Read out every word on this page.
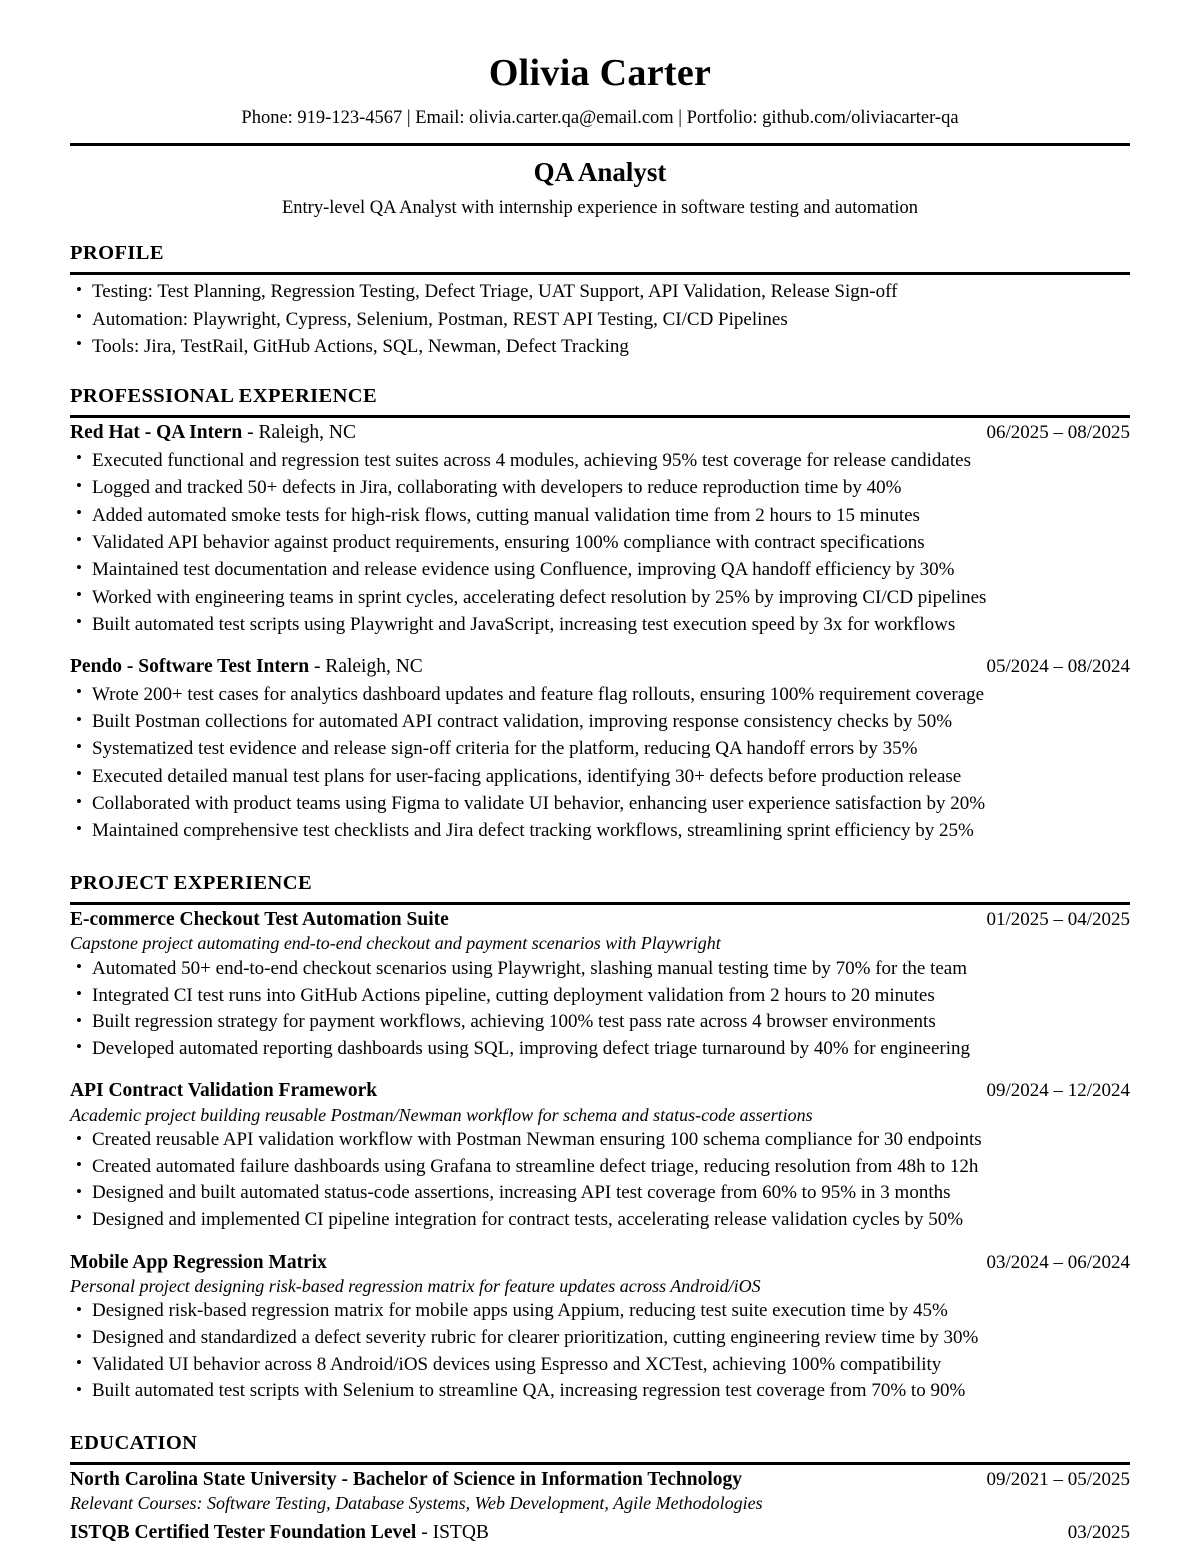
Olivia Carter
Phone: 919-123-4567 | Email: olivia.carter.qa@email.com | Portfolio: github.com/oliviacarter-qa
QA Analyst
Entry-level QA Analyst with internship experience in software testing and automation
PROFILE
• Testing: Test Planning, Regression Testing, Defect Triage, UAT Support, API Validation, Release Sign-off
• Automation: Playwright, Cypress, Selenium, Postman, REST API Testing, CI/CD Pipelines
• Tools: Jira, TestRail, GitHub Actions, SQL, Newman, Defect Tracking
PROFESSIONAL EXPERIENCE
Red Hat - QA Intern - Raleigh, NC	06/2025 – 08/2025
• Executed functional and regression test suites across 4 modules, achieving 95% test coverage for release candidates
• Logged and tracked 50+ defects in Jira, collaborating with developers to reduce reproduction time by 40%
• Added automated smoke tests for high-risk flows, cutting manual validation time from 2 hours to 15 minutes
• Validated API behavior against product requirements, ensuring 100% compliance with contract specifications
• Maintained test documentation and release evidence using Confluence, improving QA handoff efficiency by 30%
• Worked with engineering teams in sprint cycles, accelerating defect resolution by 25% by improving CI/CD pipelines
• Built automated test scripts using Playwright and JavaScript, increasing test execution speed by 3x for workflows
Pendo - Software Test Intern - Raleigh, NC	05/2024 – 08/2024
• Wrote 200+ test cases for analytics dashboard updates and feature flag rollouts, ensuring 100% requirement coverage
• Built Postman collections for automated API contract validation, improving response consistency checks by 50%
• Systematized test evidence and release sign-off criteria for the platform, reducing QA handoff errors by 35%
• Executed detailed manual test plans for user-facing applications, identifying 30+ defects before production release
• Collaborated with product teams using Figma to validate UI behavior, enhancing user experience satisfaction by 20%
• Maintained comprehensive test checklists and Jira defect tracking workflows, streamlining sprint efficiency by 25%
PROJECT EXPERIENCE
E-commerce Checkout Test Automation Suite	01/2025 – 04/2025
Capstone project automating end-to-end checkout and payment scenarios with Playwright
• Automated 50+ end-to-end checkout scenarios using Playwright, slashing manual testing time by 70% for the team
• Integrated CI test runs into GitHub Actions pipeline, cutting deployment validation from 2 hours to 20 minutes
• Built regression strategy for payment workflows, achieving 100% test pass rate across 4 browser environments
• Developed automated reporting dashboards using SQL, improving defect triage turnaround by 40% for engineering
API Contract Validation Framework	09/2024 – 12/2024
Academic project building reusable Postman/Newman workflow for schema and status-code assertions
• Created reusable API validation workflow with Postman Newman ensuring 100 schema compliance for 30 endpoints
• Created automated failure dashboards using Grafana to streamline defect triage, reducing resolution from 48h to 12h
• Designed and built automated status-code assertions, increasing API test coverage from 60% to 95% in 3 months
• Designed and implemented CI pipeline integration for contract tests, accelerating release validation cycles by 50%
Mobile App Regression Matrix	03/2024 – 06/2024
Personal project designing risk-based regression matrix for feature updates across Android/iOS
• Designed risk-based regression matrix for mobile apps using Appium, reducing test suite execution time by 45%
• Designed and standardized a defect severity rubric for clearer prioritization, cutting engineering review time by 30%
• Validated UI behavior across 8 Android/iOS devices using Espresso and XCTest, achieving 100% compatibility
• Built automated test scripts with Selenium to streamline QA, increasing regression test coverage from 70% to 90%
EDUCATION
North Carolina State University - Bachelor of Science in Information Technology	09/2021 – 05/2025
Relevant Courses: Software Testing, Database Systems, Web Development, Agile Methodologies
ISTQB Certified Tester Foundation Level - ISTQB	03/2025
